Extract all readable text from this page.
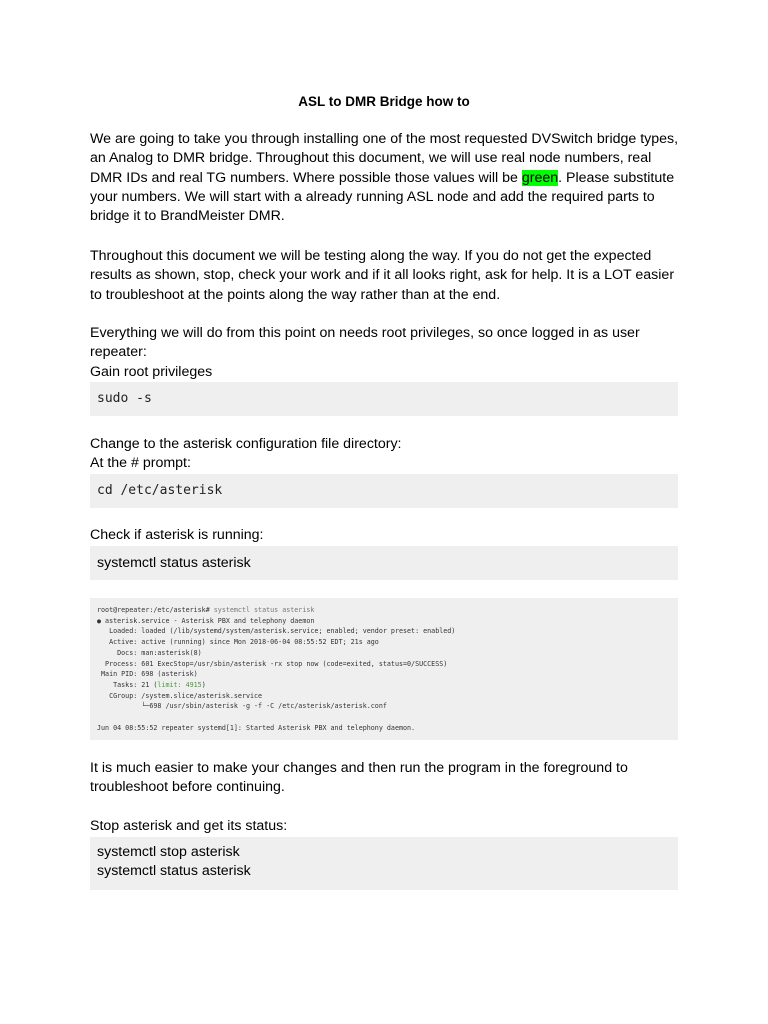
ASL to DMR Bridge how to
We are going to take you through installing one of the most requested DVSwitch bridge types, an Analog to DMR bridge. Throughout this document, we will use real node numbers, real DMR IDs and real TG numbers. Where possible those values will be green. Please substitute your numbers. We will start with a already running ASL node and add the required parts to bridge it to BrandMeister DMR.
Throughout this document we will be testing along the way. If you do not get the expected results as shown, stop, check your work and if it all looks right, ask for help. It is a LOT easier to troubleshoot at the points along the way rather than at the end.
Everything we will do from this point on needs root privileges, so once logged in as user repeater:
Gain root privileges
sudo -s
Change to the asterisk configuration file directory:
At the # prompt:
cd /etc/asterisk
Check if asterisk is running:
systemctl status asterisk
root@repeater:/etc/asterisk# systemctl status asterisk
● asterisk.service - Asterisk PBX and telephony daemon
Loaded: loaded (/lib/systemd/system/asterisk.service; enabled; vendor preset: enabled)
Active: active (running) since Mon 2018-06-04 08:55:52 EDT; 21s ago
Docs: man:asterisk(8)
Process: 601 ExecStop=/usr/sbin/asterisk -rx stop now (code=exited, status=0/SUCCESS)
Main PID: 698 (asterisk)
Tasks: 21 (limit: 4915)
CGroup: /system.slice/asterisk.service
└─698 /usr/sbin/asterisk -g -f -C /etc/asterisk/asterisk.conf

Jun 04 08:55:52 repeater systemd[1]: Started Asterisk PBX and telephony daemon.
It is much easier to make your changes and then run the program in the foreground to troubleshoot before continuing.
Stop asterisk and get its status:
systemctl stop asterisk
systemctl status asterisk
